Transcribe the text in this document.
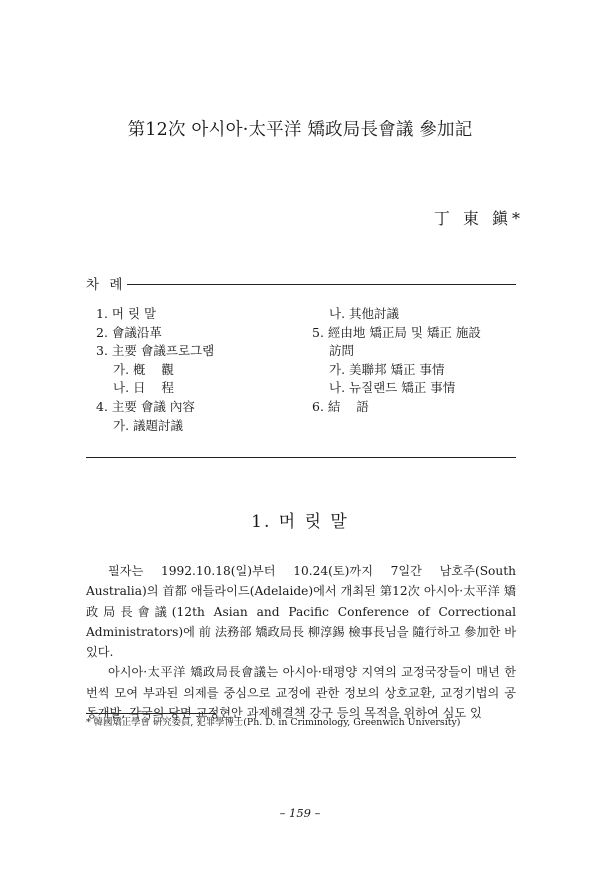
第12次 아시아·太平洋 矯政局長會議 參加記
丁 東 鎭*
차 례
1. 머 릿 말
2. 會議沿革
3. 主要 會議프로그램
가. 槪    觀
나. 日    程
4. 主要 會議 內容
가. 議題討議
나. 其他討議
5. 經由地 矯正局 및 矯正 施設
訪問
가. 美聯邦 矯正 事情
나. 뉴질랜드 矯正 事情
6. 結    語
1. 머 릿 말

필자는 1992.10.18(일)부터 10.24(토)까지 7일간 남호주(South Australia)의 首都 애들라이드(Adelaide)에서 개최된 第12次 아시아·太平洋 矯政局長會議(12th Asian and Pacific Conference of Correctional Administrators)에 前 法務部 矯政局長 柳淳錫 檢事長님을 隨行하고 參加한 바 있다.

아시아·太平洋 矯政局長會議는 아시아·태평양 지역의 교정국장들이 매년 한 번씩 모여 부과된 의제를 중심으로 교정에 관한 정보의 상호교환, 교정기법의 공동개발, 각국의 당면 교정현안 과제해결책 강구 등의 목적을 위하여 심도 있

* 韓國矯正學會 硏究委員, 犯罪學博士(Ph. D. in Criminology, Greenwich University)
– 159 –
